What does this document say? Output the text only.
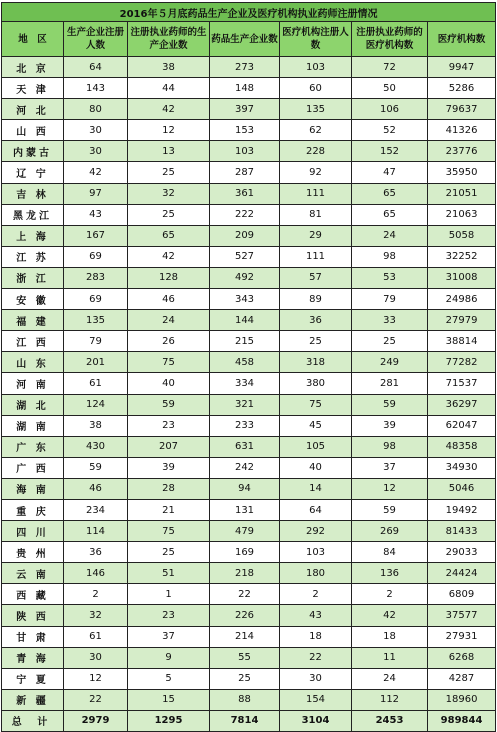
2016年５月底药品生产企业及医疗机构执业药师注册情况						
地　区	生产企业注册人数	注册执业药师的生产企业数	药品生产企业数	医疗机构注册人数	注册执业药师的医疗机构数	医疗机构数
北 京	64	38	273	103	72	9947
天 津	143	44	148	60	50	5286
河 北	80	42	397	135	106	79637
山 西	30	12	153	62	52	41326
内蒙古	30	13	103	228	152	23776
辽 宁	42	25	287	92	47	35950
吉 林	97	32	361	111	65	21051
黑龙江	43	25	222	81	65	21063
上 海	167	65	209	29	24	5058
江 苏	69	42	527	111	98	32252
浙 江	283	128	492	57	53	31008
安 徽	69	46	343	89	79	24986
福 建	135	24	144	36	33	27979
江 西	79	26	215	25	25	38814
山 东	201	75	458	318	249	77282
河 南	61	40	334	380	281	71537
湖 北	124	59	321	75	59	36297
湖 南	38	23	233	45	39	62047
广 东	430	207	631	105	98	48358
广 西	59	39	242	40	37	34930
海 南	46	28	94	14	12	5046
重 庆	234	21	131	64	59	19492
四 川	114	75	479	292	269	81433
贵 州	36	25	169	103	84	29033
云 南	146	51	218	180	136	24424
西 藏	2	1	22	2	2	6809
陕 西	32	23	226	43	42	37577
甘 肃	61	37	214	18	18	27931
青 海	30	9	55	22	11	6268
宁 夏	12	5	25	30	24	4287
新 疆	22	15	88	154	112	18960
总 计	2979	1295	7814	3104	2453	989844
